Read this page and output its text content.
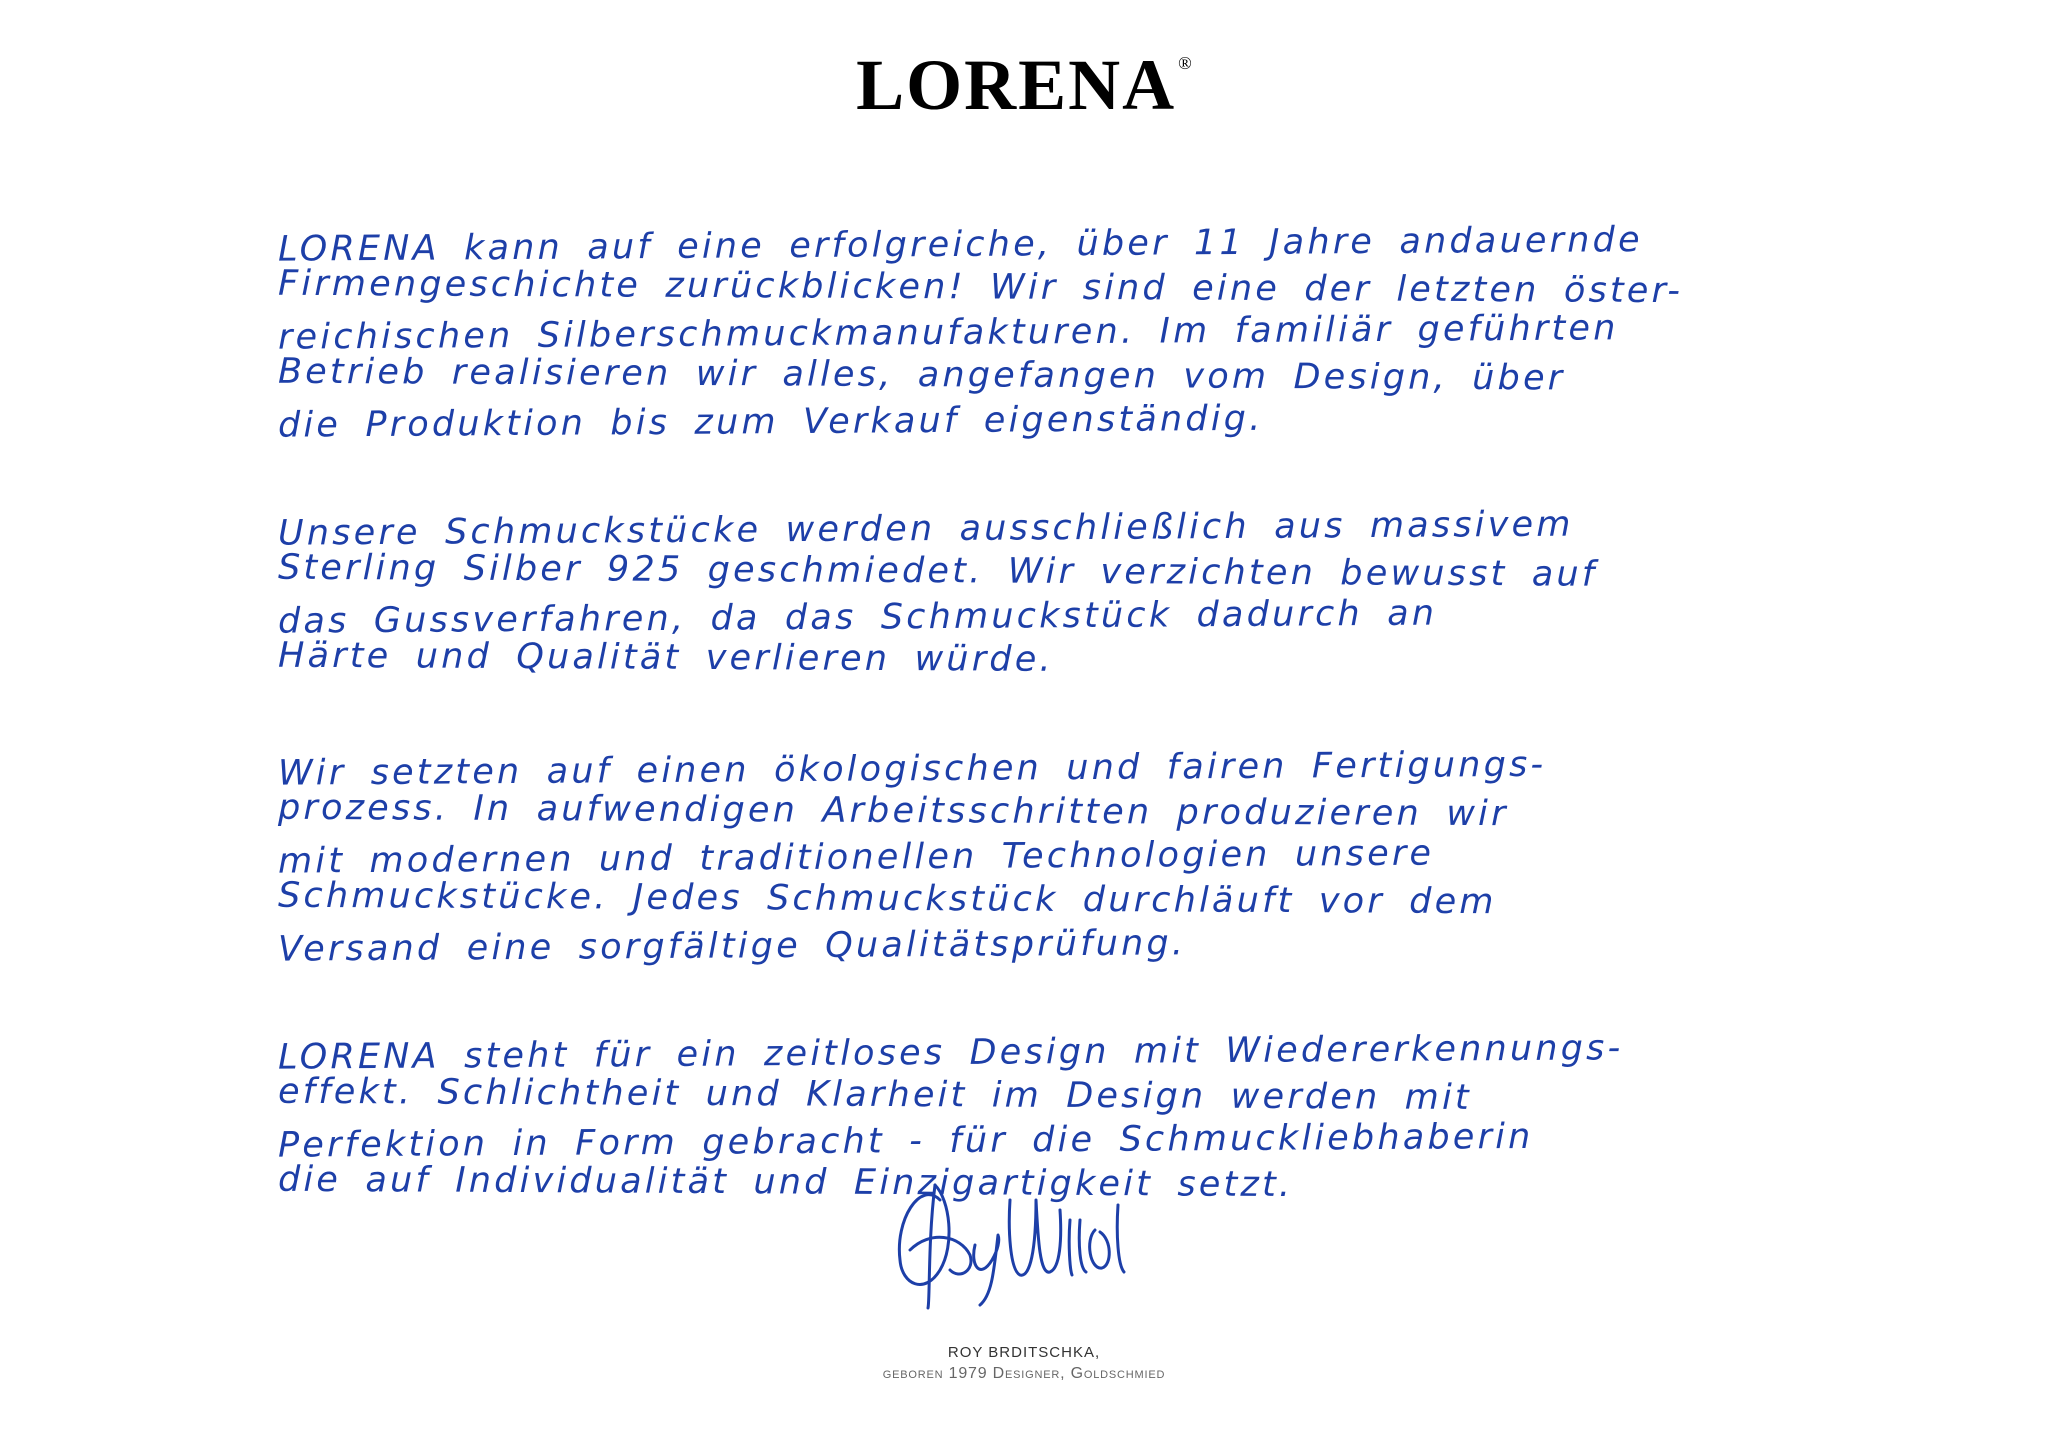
LORENA ®
LORENA kann auf eine erfolgreiche, über 11 Jahre andauernde
Firmengeschichte zurückblicken! Wir sind eine der letzten öster-
reichischen Silberschmuckmanufakturen. Im familiär geführten
Betrieb realisieren wir alles, angefangen vom Design, über
die Produktion bis zum Verkauf eigenständig.
Unsere Schmuckstücke werden ausschließlich aus massivem
Sterling Silber 925 geschmiedet. Wir verzichten bewusst auf
das Gussverfahren, da das Schmuckstück dadurch an
Härte und Qualität verlieren würde.
Wir setzten auf einen ökologischen und fairen Fertigungs-
prozess. In aufwendigen Arbeitsschritten produzieren wir
mit modernen und traditionellen Technologien unsere
Schmuckstücke. Jedes Schmuckstück durchläuft vor dem
Versand eine sorgfältige Qualitätsprüfung.
LORENA steht für ein zeitloses Design mit Wiedererkennungs-
effekt. Schlichtheit und Klarheit im Design werden mit
Perfektion in Form gebracht - für die Schmuckliebhaberin
die auf Individualität und Einzigartigkeit setzt.
ROY BRDITSCHKA,
geboren 1979 Designer, Goldschmied
